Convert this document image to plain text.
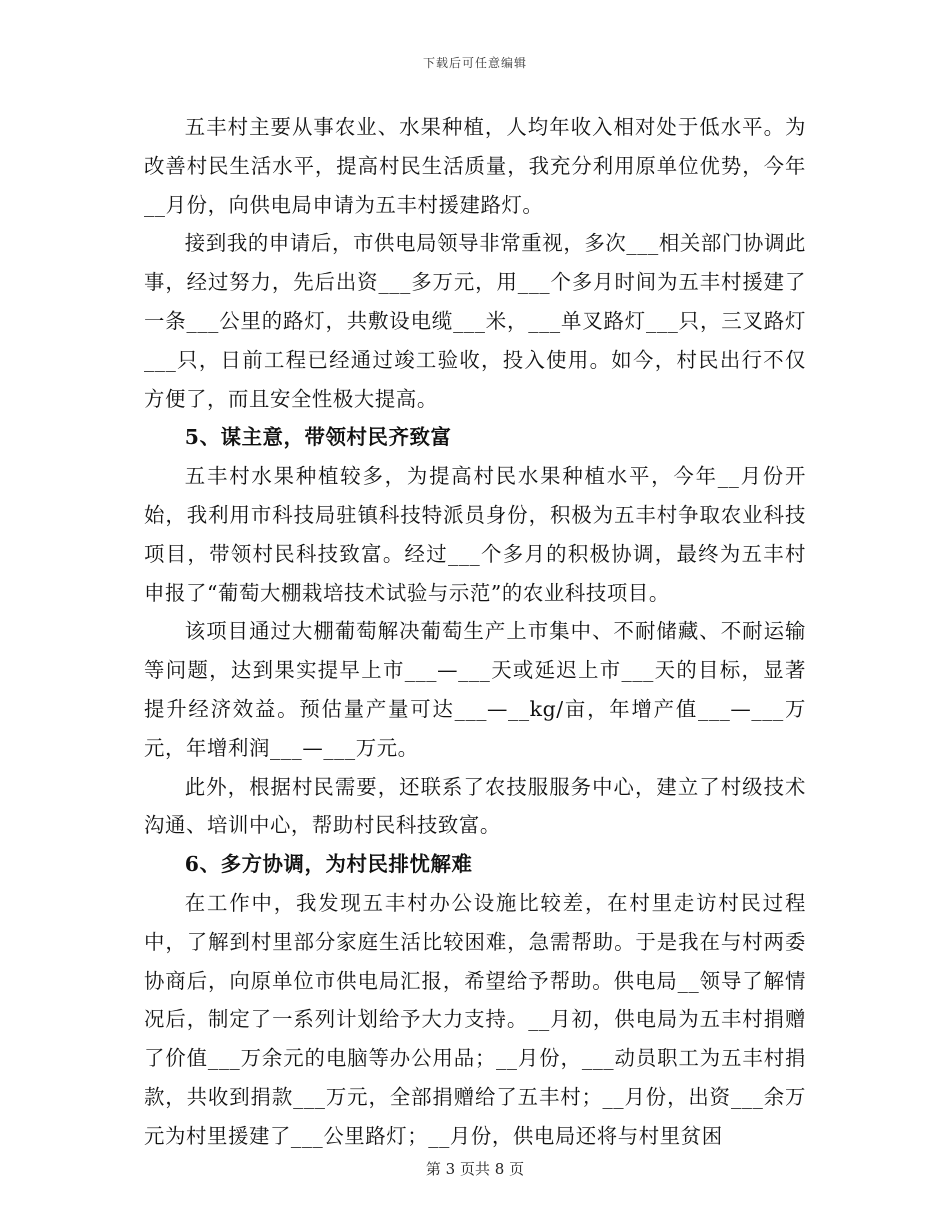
下载后可任意编辑

五丰村主要从事农业、水果种植，人均年收入相对处于低水平。为改善村民生活水平，提高村民生活质量，我充分利用原单位优势，今年__月份，向供电局申请为五丰村援建路灯。

接到我的申请后，市供电局领导非常重视，多次___相关部门协调此事，经过努力，先后出资___多万元，用___个多月时间为五丰村援建了一条___公里的路灯，共敷设电缆___米，___单叉路灯___只，三叉路灯___只，日前工程已经通过竣工验收，投入使用。如今，村民出行不仅方便了，而且安全性极大提高。

5、谋主意，带领村民齐致富

五丰村水果种植较多，为提高村民水果种植水平，今年__月份开始，我利用市科技局驻镇科技特派员身份，积极为五丰村争取农业科技项目，带领村民科技致富。经过___个多月的积极协调，最终为五丰村申报了“葡萄大棚栽培技术试验与示范”的农业科技项目。

该项目通过大棚葡萄解决葡萄生产上市集中、不耐储藏、不耐运输等问题，达到果实提早上市___—___天或延迟上市___天的目标，显著提升经济效益。预估量产量可达___—__kg/亩，年增产值___—___万元，年增利润___—___万元。

此外，根据村民需要，还联系了农技服服务中心，建立了村级技术沟通、培训中心，帮助村民科技致富。

6、多方协调，为村民排忧解难

在工作中，我发现五丰村办公设施比较差，在村里走访村民过程中，了解到村里部分家庭生活比较困难，急需帮助。于是我在与村两委协商后，向原单位市供电局汇报，希望给予帮助。供电局__领导了解情况后，制定了一系列计划给予大力支持。__月初，供电局为五丰村捐赠了价值___万余元的电脑等办公用品；__月份，___动员职工为五丰村捐款，共收到捐款___万元，全部捐赠给了五丰村；__月份，出资___余万元为村里援建了___公里路灯；__月份，供电局还将与村里贫困

第 3 页共 8 页
